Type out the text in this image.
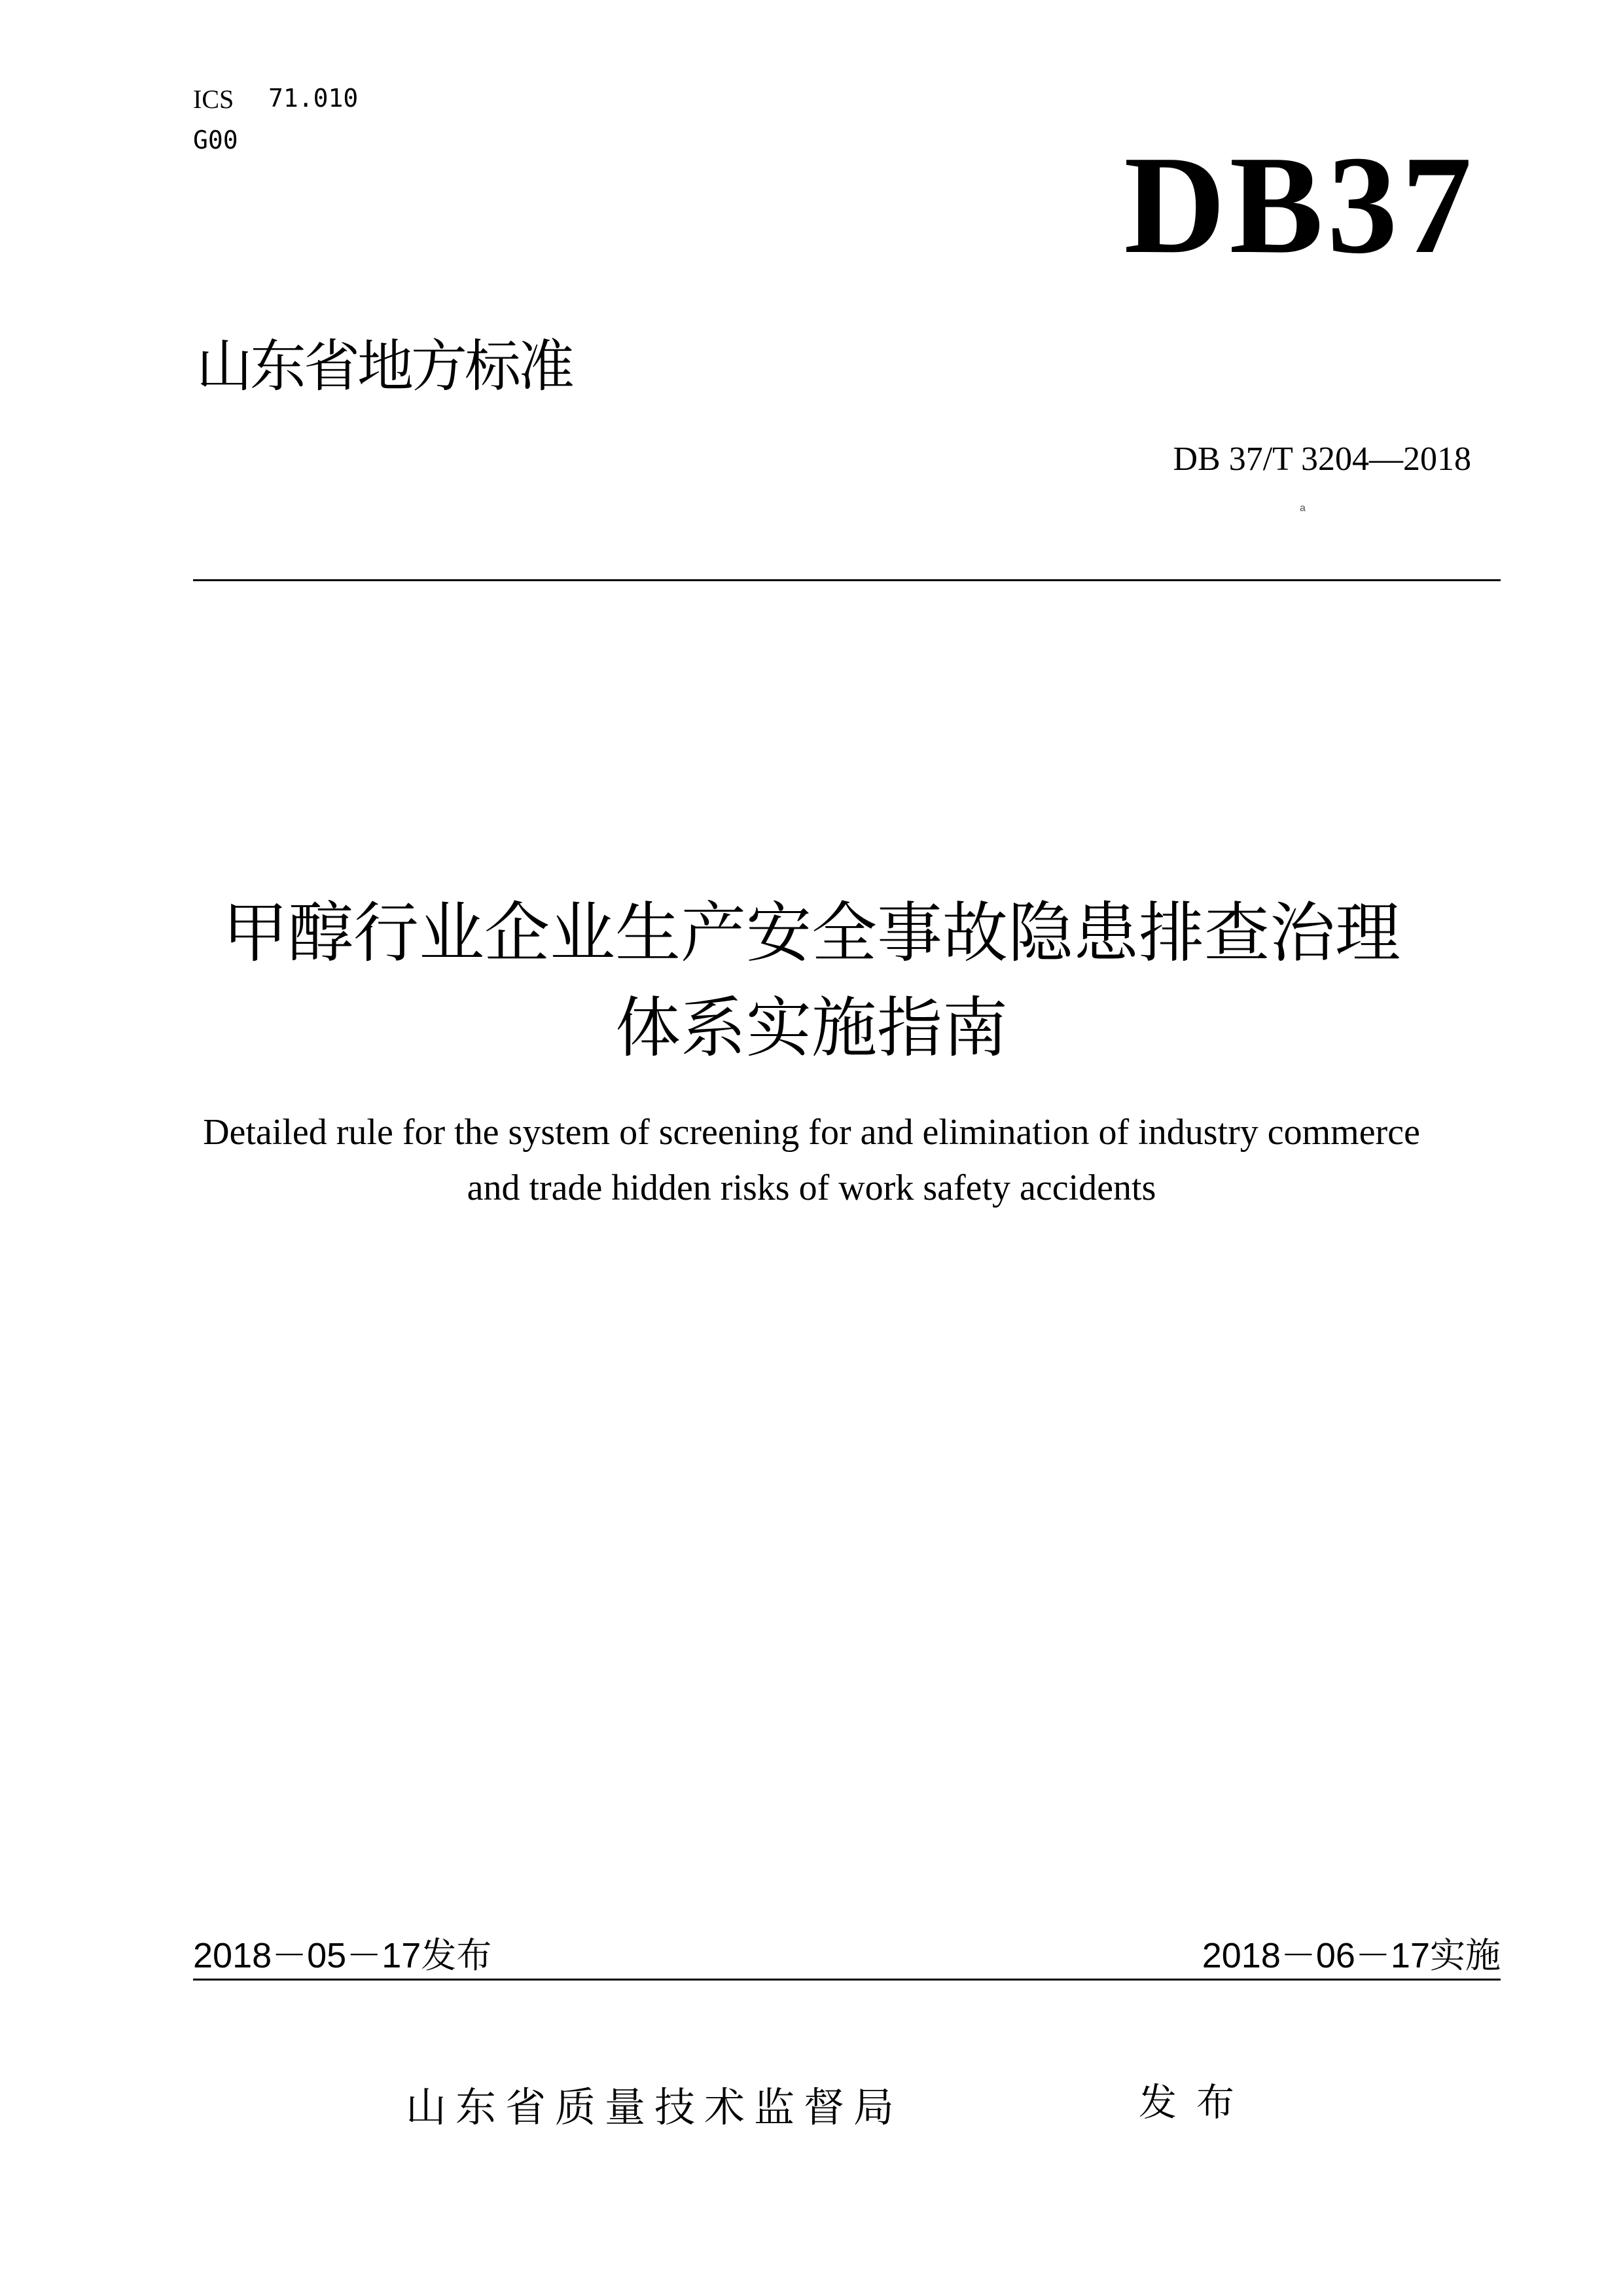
ICS 71.010
G00	DB37
山东省地方标准
DB 37/T 3204—2018
a
甲醇行业企业生产安全事故隐患排查治理
体系实施指南
Detailed rule for the system of screening for and elimination of industry commerce
and trade hidden risks of work safety accidents
2018－05－17发布	2018－06－17实施
山东省质量技术监督局	发布
